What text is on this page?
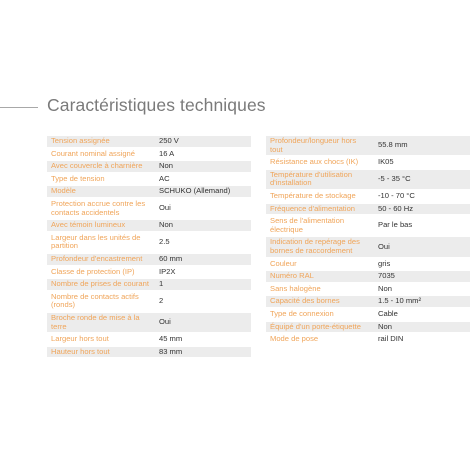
Caractéristiques techniques
Tension assignée	250 V

Courant nominal assigné	16 A

Avec couvercle à charnière	Non

Type de tension	AC

Modèle	SCHUKO (Allemand)

Protection accrue contre les contacts accidentels	Oui

Avec témoin lumineux	Non

Largeur dans les unités de partition	2.5

Profondeur d'encastrement	60 mm

Classe de protection (IP)	IP2X

Nombre de prises de courant	1

Nombre de contacts actifs (ronds)	2

Broche ronde de mise à la terre	Oui

Largeur hors tout	45 mm

Hauteur hors tout	83 mm
Profondeur/longueur hors tout	55.8 mm

Résistance aux chocs (IK)	IK05

Température d'utilisation d'installation	-5 - 35 °C

Température de stockage	-10 - 70 °C

Fréquence d'alimentation	50 - 60 Hz

Sens de l'alimentation électrique	Par le bas

Indication de repérage des bornes de raccordement	Oui

Couleur	gris

Numéro RAL	7035

Sans halogène	Non

Capacité des bornes	1.5 - 10 mm²

Type de connexion	Cable

Équipé d'un porte-étiquette	Non

Mode de pose	rail DIN
